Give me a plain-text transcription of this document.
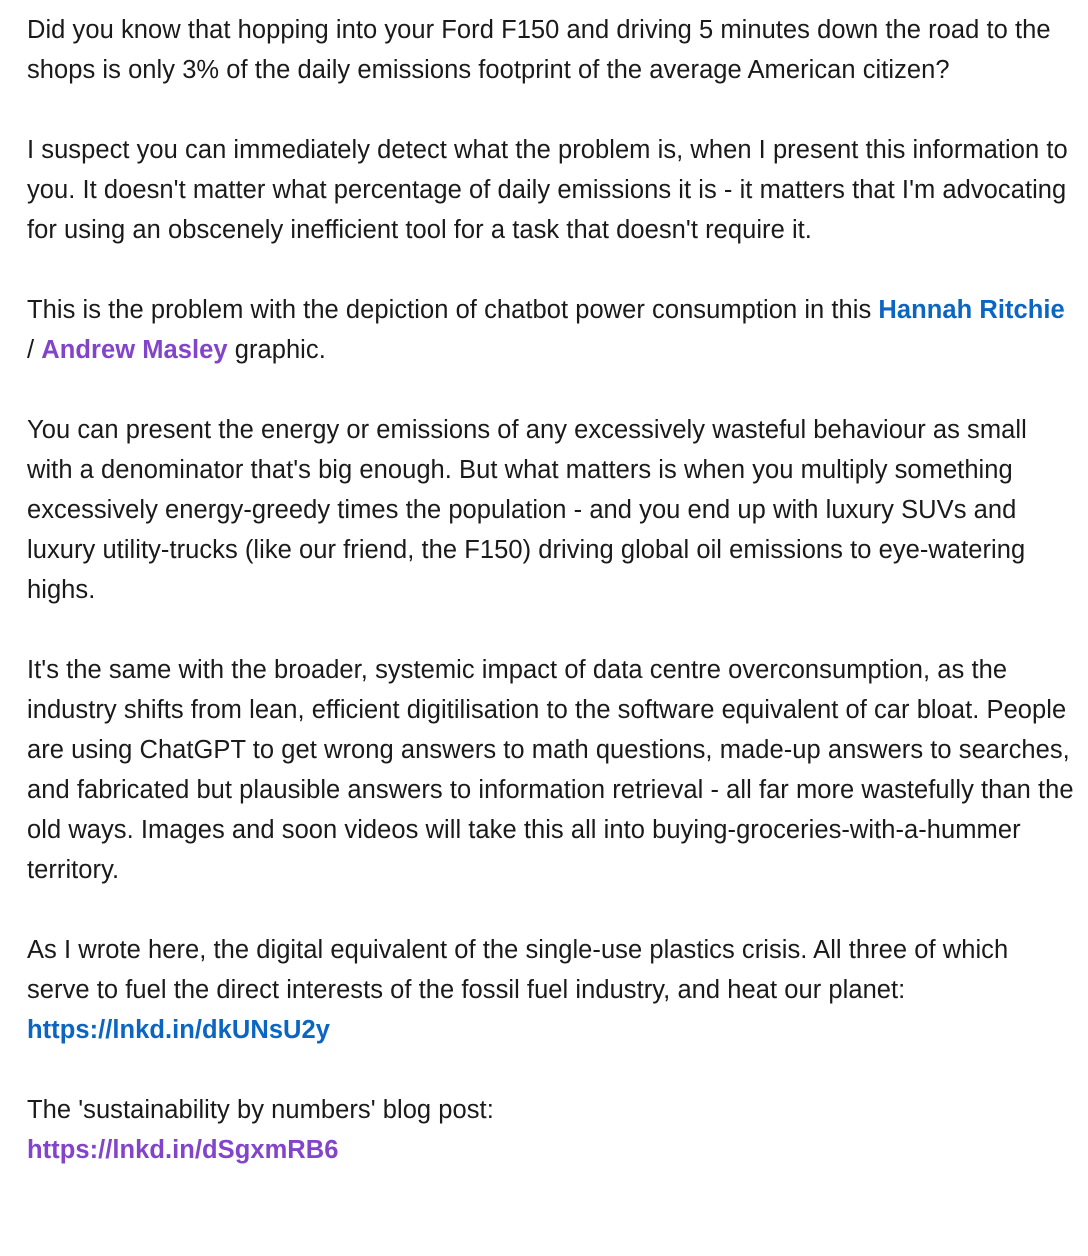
Did you know that hopping into your Ford F150 and driving 5 minutes down the road to the shops is only 3% of the daily emissions footprint of the average American citizen?

I suspect you can immediately detect what the problem is, when I present this information to you. It doesn't matter what percentage of daily emissions it is - it matters that I'm advocating for using an obscenely inefficient tool for a task that doesn't require it.

This is the problem with the depiction of chatbot power consumption in this Hannah Ritchie / Andrew Masley graphic.

You can present the energy or emissions of any excessively wasteful behaviour as small with a denominator that's big enough. But what matters is when you multiply something excessively energy-greedy times the population - and you end up with luxury SUVs and luxury utility-trucks (like our friend, the F150) driving global oil emissions to eye-watering highs.

It's the same with the broader, systemic impact of data centre overconsumption, as the industry shifts from lean, efficient digitilisation to the software equivalent of car bloat. People are using ChatGPT to get wrong answers to math questions, made-up answers to searches, and fabricated but plausible answers to information retrieval - all far more wastefully than the old ways. Images and soon videos will take this all into buying-groceries-with-a-hummer territory.

As I wrote here, the digital equivalent of the single-use plastics crisis. All three of which serve to fuel the direct interests of the fossil fuel industry, and heat our planet: https://lnkd.in/dkUNsU2y

The 'sustainability by numbers' blog post:
https://lnkd.in/dSgxmRB6
